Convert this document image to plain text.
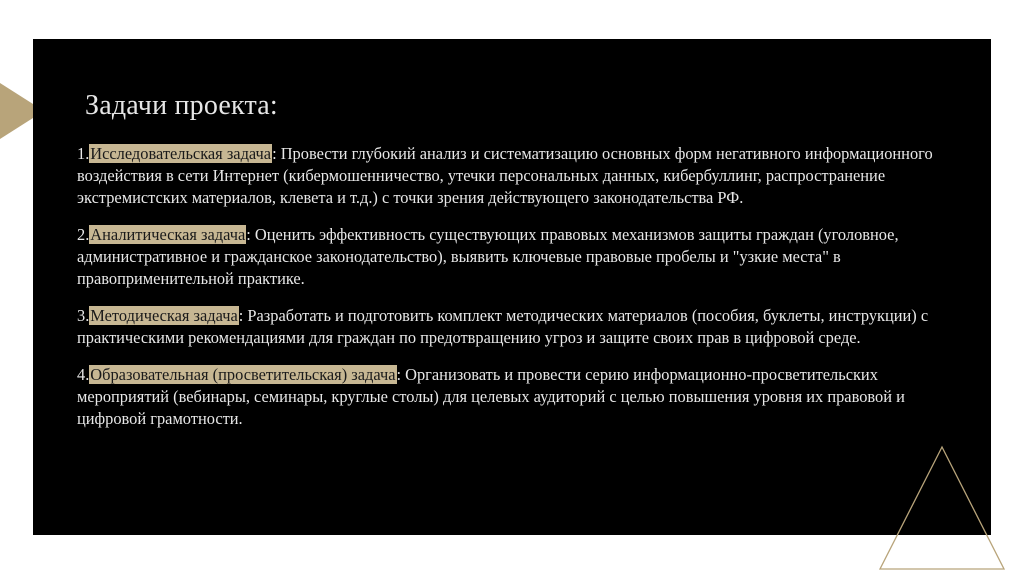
Задачи проекта:

1.Исследовательская задача: Провести глубокий анализ и систематизацию основных форм негативного информационного воздействия в сети Интернет (кибермошенничество, утечки персональных данных, кибербуллинг, распространение экстремистских материалов, клевета и т.д.) с точки зрения действующего законодательства РФ.

2.Аналитическая задача: Оценить эффективность существующих правовых механизмов защиты граждан (уголовное, административное и гражданское законодательство), выявить ключевые правовые пробелы и "узкие места" в правоприменительной практике.

3.Методическая задача: Разработать и подготовить комплект методических материалов (пособия, буклеты, инструкции) с практическими рекомендациями для граждан по предотвращению угроз и защите своих прав в цифровой среде.

4.Образовательная (просветительская) задача: Организовать и провести серию информационно-просветительских мероприятий (вебинары, семинары, круглые столы) для целевых аудиторий с целью повышения уровня их правовой и цифровой грамотности.
